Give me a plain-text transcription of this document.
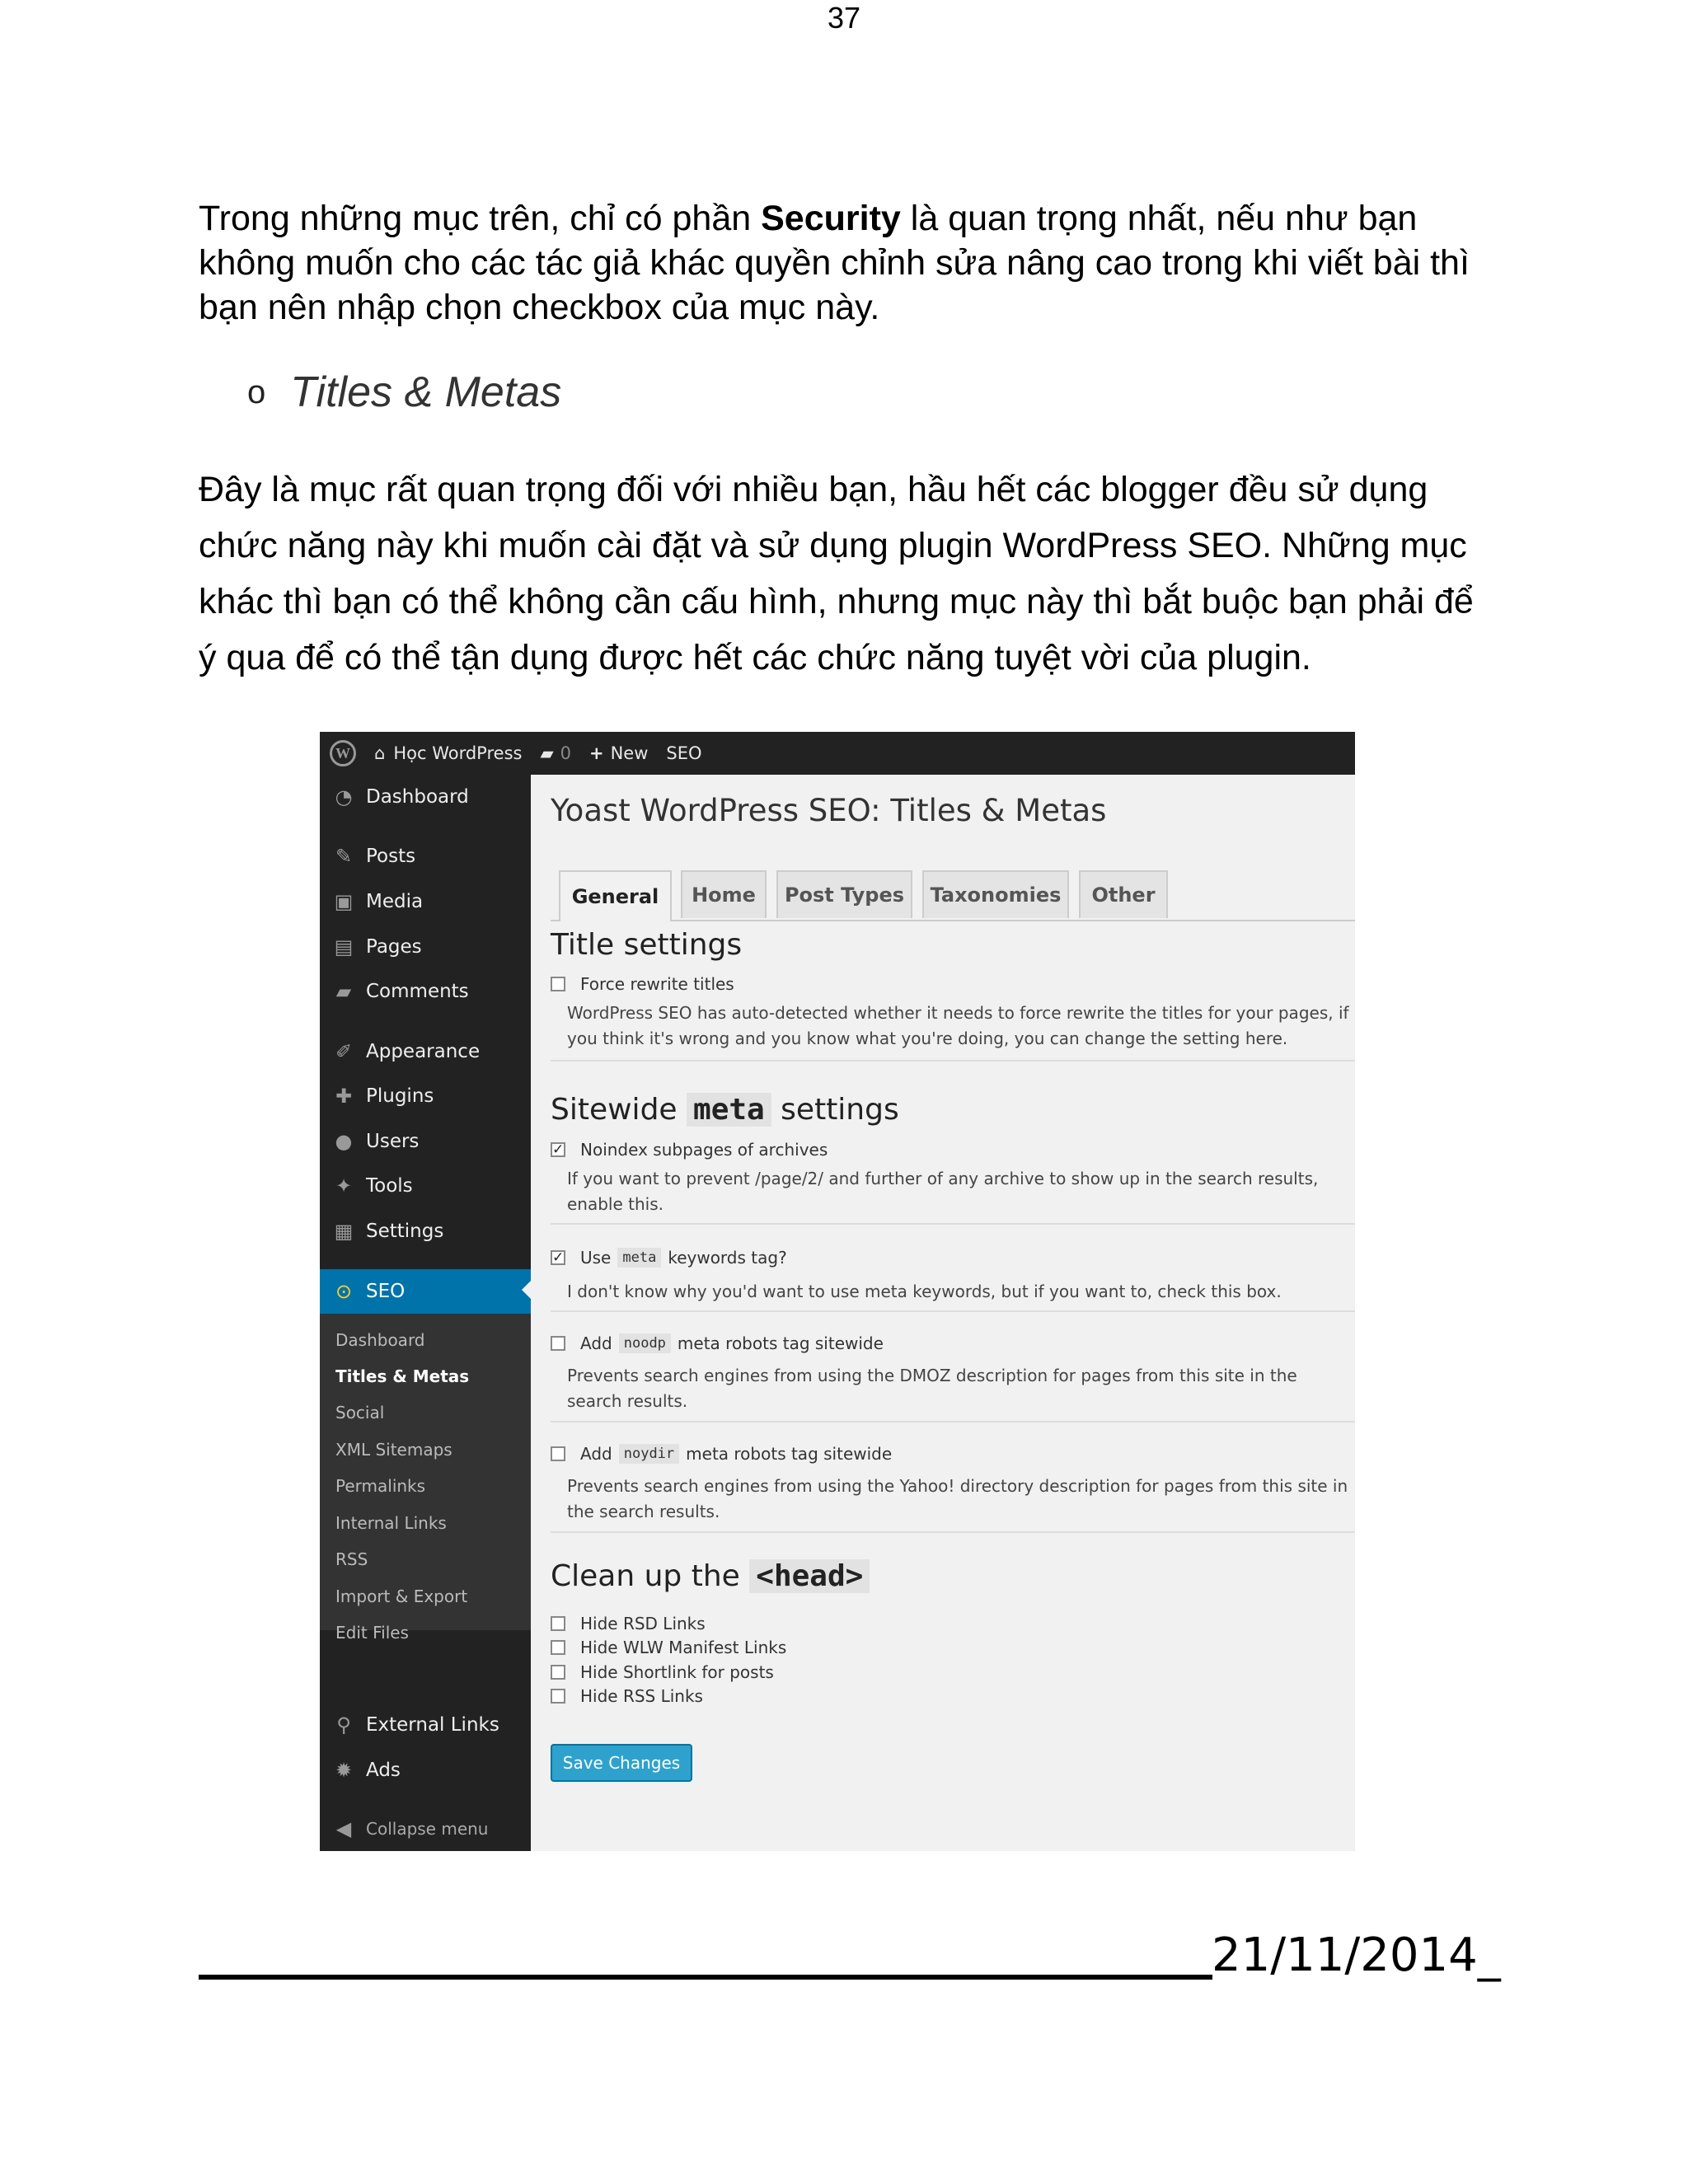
37
Trong những mục trên, chỉ có phần Security là quan trọng nhất, nếu như bạn không muốn cho các tác giả khác quyền chỉnh sửa nâng cao trong khi viết bài thì bạn nên nhập chọn checkbox của mục này.
o Titles & Metas
Đây là mục rất quan trọng đối với nhiều bạn, hầu hết các blogger đều sử dụng chức năng này khi muốn cài đặt và sử dụng plugin WordPress SEO. Những mục khác thì bạn có thể không cần cấu hình, nhưng mục này thì bắt buộc bạn phải để ý qua để có thể tận dụng được hết các chức năng tuyệt vời của plugin.
W	⌂ Học WordPress ▰ 0 + New SEO
◔ Dashboard
✎ Posts
▣ Media
▤ Pages
▰ Comments
✐ Appearance
✚ Plugins
● Users
✦ Tools
▦ Settings
⊙ SEO
Dashboard
Titles & Metas
Social
XML Sitemaps
Permalinks
Internal Links
RSS
Import & Export
Edit Files
⚲ External Links
✹ Ads
◀ Collapse menu
Yoast WordPress SEO: Titles & Metas
General	Home	Post Types	Taxonomies	Other
Title settings
Force rewrite titles
WordPress SEO has auto-detected whether it needs to force rewrite the titles for your pages, if you think it's wrong and you know what you're doing, you can change the setting here.
Sitewide meta settings
✓ Noindex subpages of archives
If you want to prevent /page/2/ and further of any archive to show up in the search results, enable this.
✓ Use meta keywords tag?
I don't know why you'd want to use meta keywords, but if you want to, check this box.
Add noodp meta robots tag sitewide
Prevents search engines from using the DMOZ description for pages from this site in the search results.
Add noydir meta robots tag sitewide
Prevents search engines from using the Yahoo! directory description for pages from this site in the search results.
Clean up the <head>
Hide RSD Links
Hide WLW Manifest Links
Hide Shortlink for posts
Hide RSS Links
Save Changes
21/11/2014_
